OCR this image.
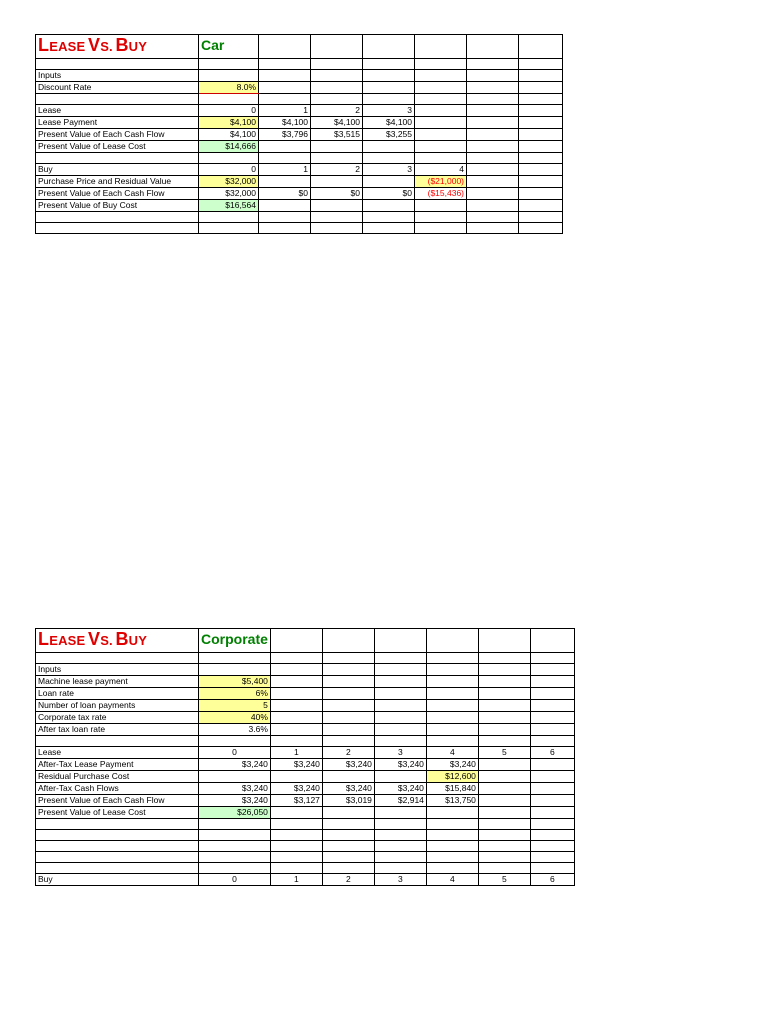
LEASE VS. BUY	Car						

Inputs							
Discount Rate	8.0%						

Lease	0	1	2	3			
Lease Payment	$4,100	$4,100	$4,100	$4,100			
Present Value of Each Cash Flow	$4,100	$3,796	$3,515	$3,255			
Present Value of Lease Cost	$14,666						

Buy	0	1	2	3	4		
Purchase Price and Residual Value	$32,000				($21,000)		
Present Value of Each Cash Flow	$32,000	$0	$0	$0	($15,436)		
Present Value of Buy Cost	$16,564						

LEASE VS. BUY	Corporate						

Inputs							
Machine lease payment	$5,400						
Loan rate	6%						
Number of loan payments	5						
Corporate tax rate	40%						
After tax loan rate	3.6%						

Lease	0	1	2	3	4	5	6
After-Tax Lease Payment	$3,240	$3,240	$3,240	$3,240	$3,240		
Residual Purchase Cost					$12,600		
After-Tax Cash Flows	$3,240	$3,240	$3,240	$3,240	$15,840		
Present Value of Each Cash Flow	$3,240	$3,127	$3,019	$2,914	$13,750		
Present Value of Lease Cost	$26,050						

Buy	0	1	2	3	4	5	6
